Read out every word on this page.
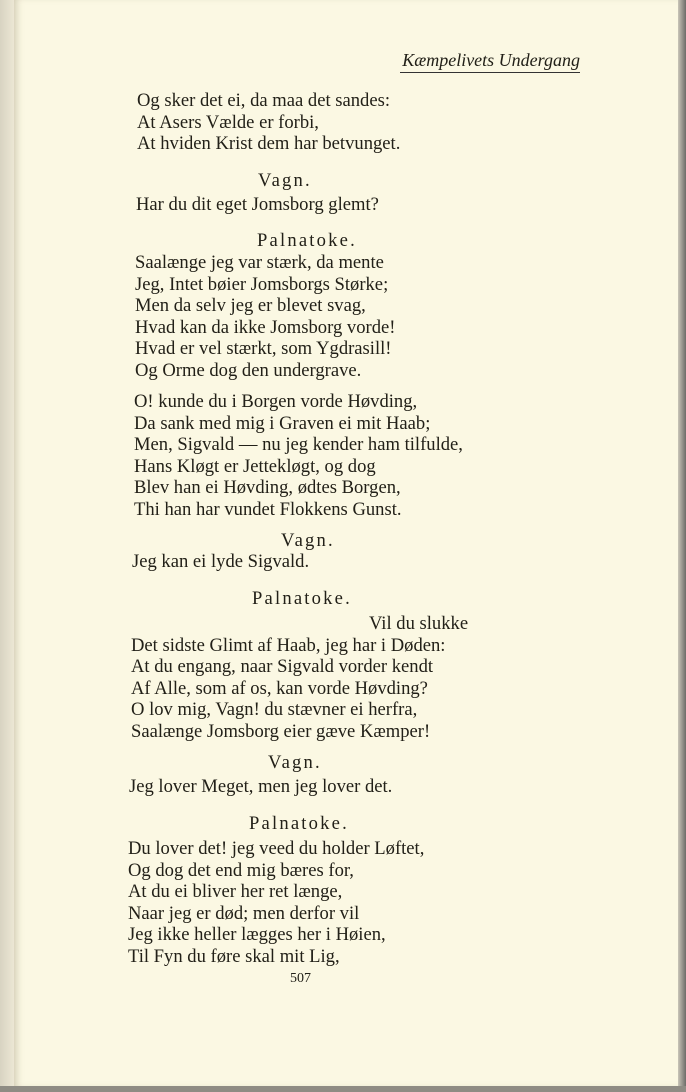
Kæmpelivets Undergang
Og sker det ei, da maa det sandes:
At Asers Vælde er forbi,
At hviden Krist dem har betvunget.
Vagn.
Har du dit eget Jomsborg glemt?
Palnatoke.
Saalænge jeg var stærk, da mente
Jeg, Intet bøier Jomsborgs Størke;
Men da selv jeg er blevet svag,
Hvad kan da ikke Jomsborg vorde!
Hvad er vel stærkt, som Ygdrasill!
Og Orme dog den undergrave.
O! kunde du i Borgen vorde Høvding,
Da sank med mig i Graven ei mit Haab;
Men, Sigvald — nu jeg kender ham tilfulde,
Hans Kløgt er Jettekløgt, og dog
Blev han ei Høvding, ødtes Borgen,
Thi han har vundet Flokkens Gunst.
Vagn.
Jeg kan ei lyde Sigvald.
Palnatoke.
Vil du slukke
Det sidste Glimt af Haab, jeg har i Døden:
At du engang, naar Sigvald vorder kendt
Af Alle, som af os, kan vorde Høvding?
O lov mig, Vagn! du stævner ei herfra,
Saalænge Jomsborg eier gæve Kæmper!
Vagn.
Jeg lover Meget, men jeg lover det.
Palnatoke.
Du lover det! jeg veed du holder Løftet,
Og dog det end mig bæres for,
At du ei bliver her ret længe,
Naar jeg er død; men derfor vil
Jeg ikke heller lægges her i Høien,
Til Fyn du føre skal mit Lig,
507
